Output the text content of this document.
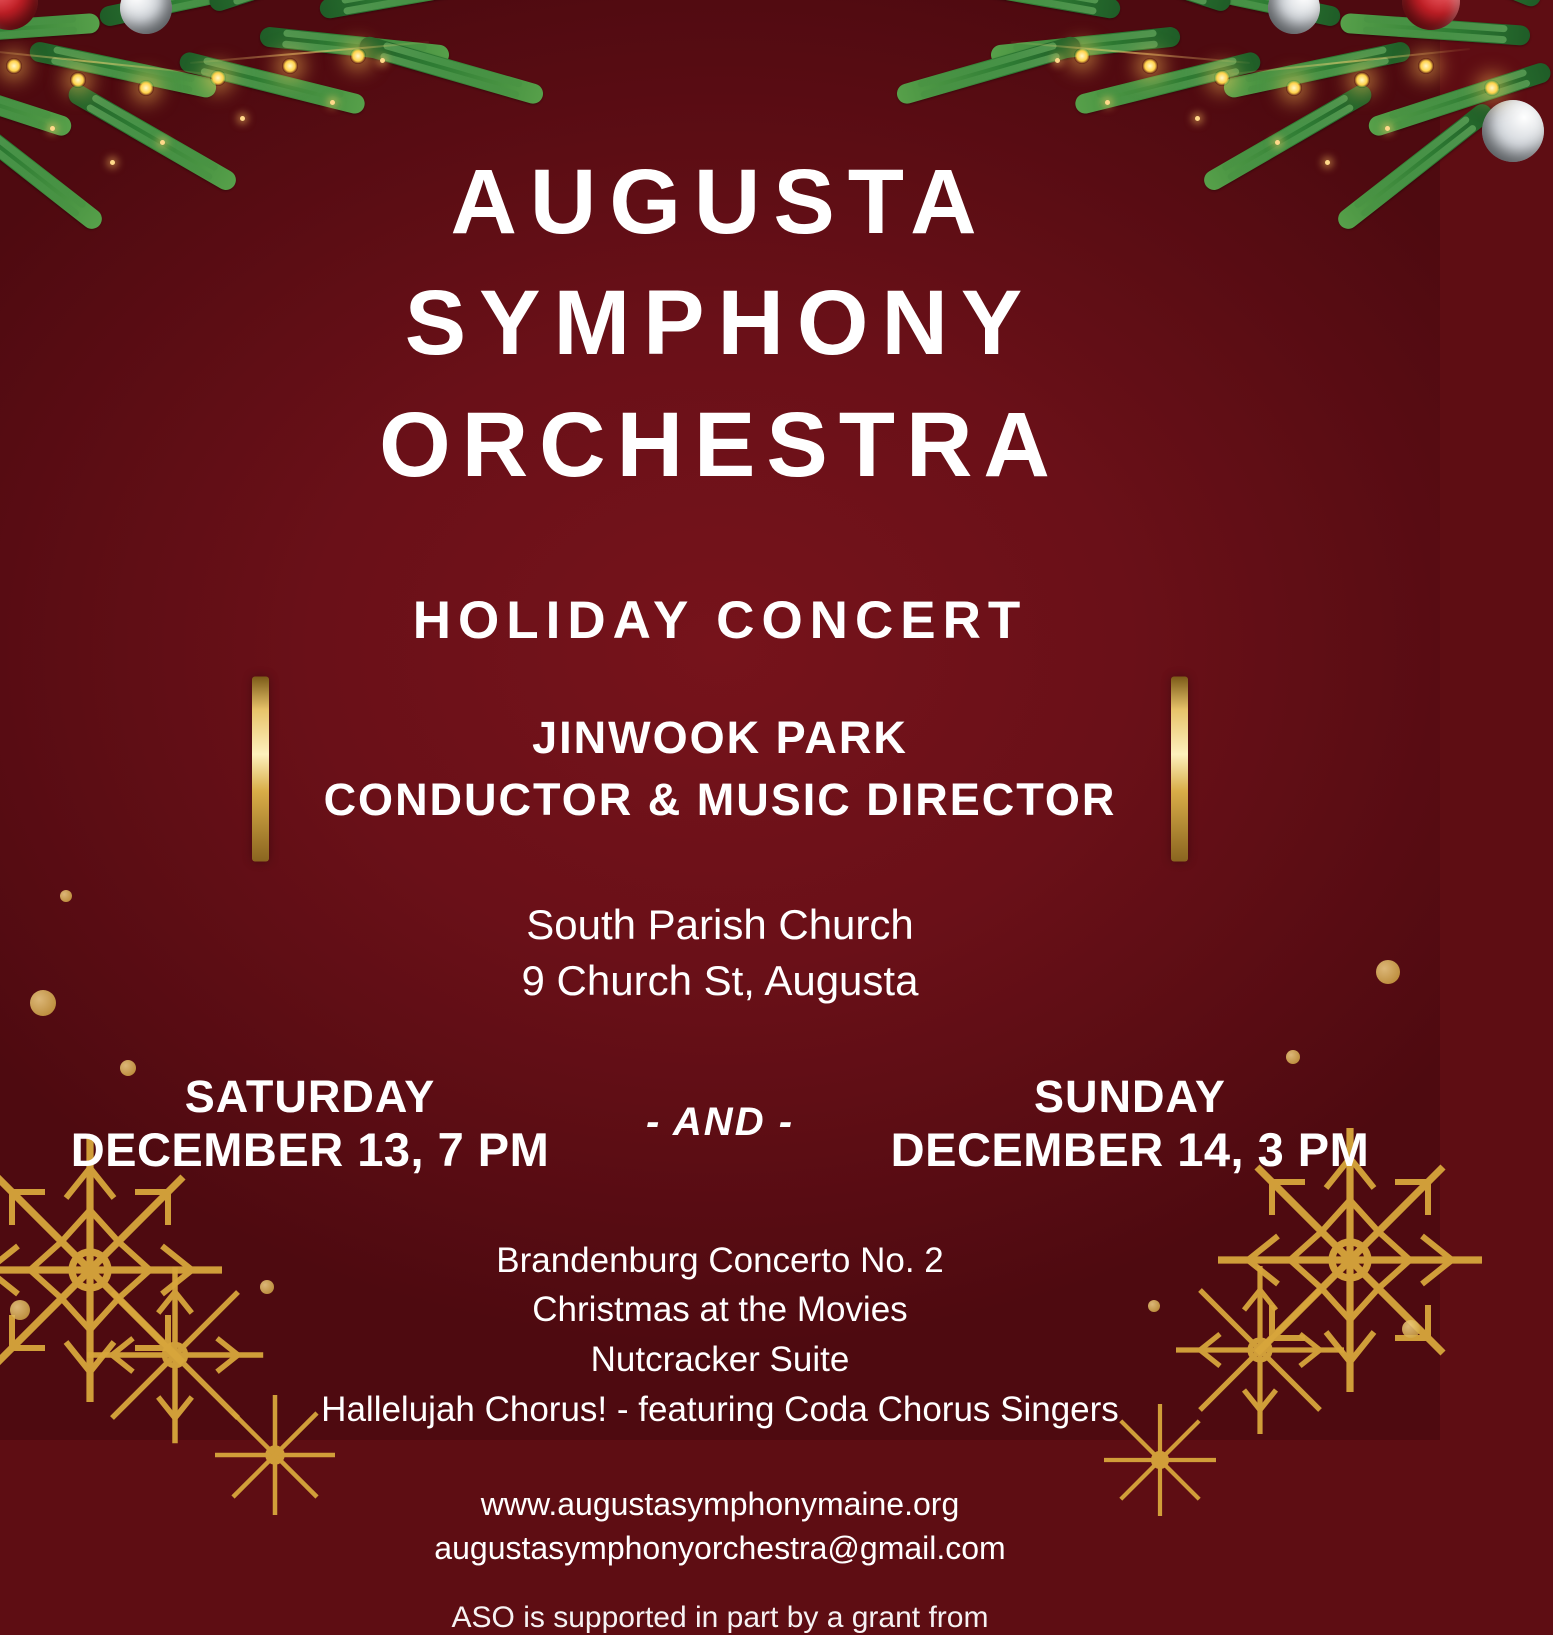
AUGUSTA
SYMPHONY
ORCHESTRA
HOLIDAY CONCERT
JINWOOK PARK
CONDUCTOR & MUSIC DIRECTOR
South Parish Church
9 Church St, Augusta
SATURDAY
DECEMBER 13, 7 PM
- AND -	SUNDAY
DECEMBER 14, 3 PM
Brandenburg Concerto No. 2
Christmas at the Movies
Nutcracker Suite
Hallelujah Chorus! - featuring Coda Chorus Singers
www.augustasymphonymaine.org
augustasymphonyorchestra@gmail.com
ASO is supported in part by a grant from
